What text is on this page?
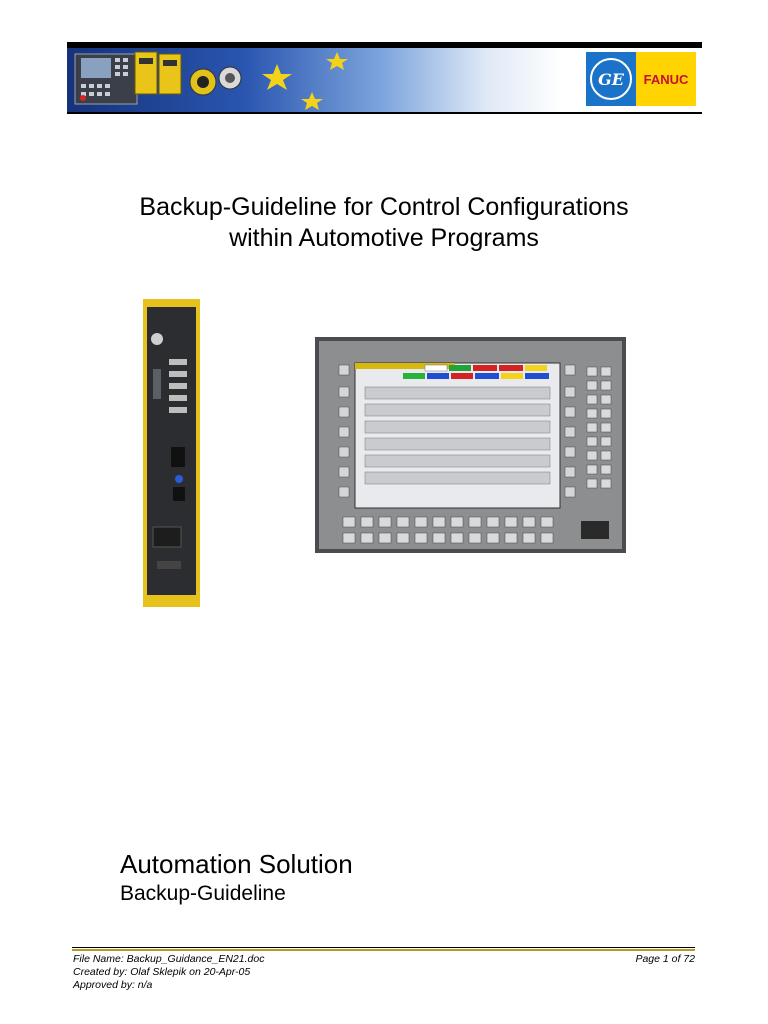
GE	FANUC
Backup-Guideline for Control Configurations
within Automotive Programs
Automation Solution
Backup-Guideline
File Name: Backup_Guidance_EN21.doc	Page 1 of 72
Created by: Olaf Sklepik on 20-Apr-05
Approved by: n/a
